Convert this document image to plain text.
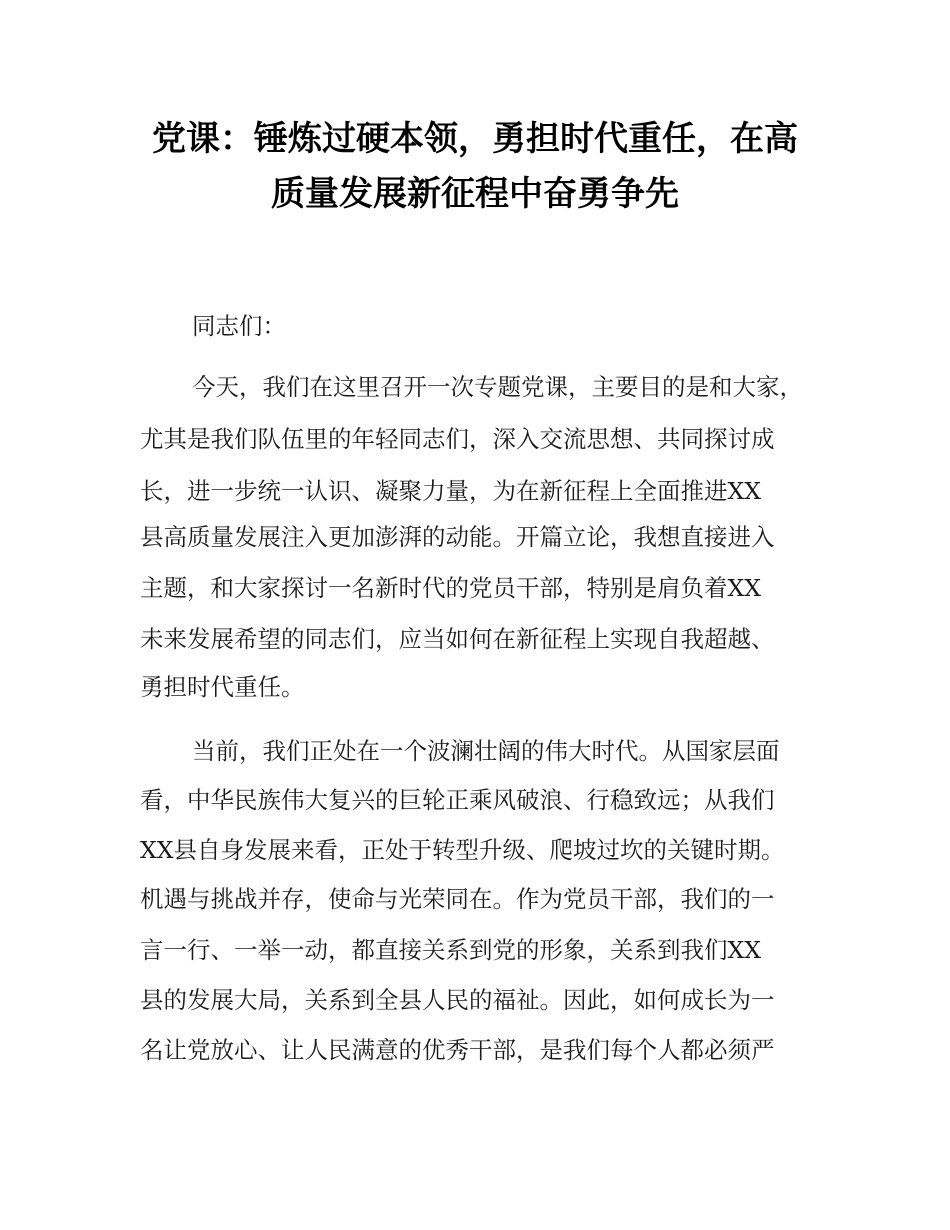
党课：锤炼过硬本领，勇担时代重任，在高
质量发展新征程中奋勇争先
同志们：
今天，我们在这里召开一次专题党课，主要目的是和大家，
尤其是我们队伍里的年轻同志们，深入交流思想、共同探讨成
长，进一步统一认识、凝聚力量，为在新征程上全面推进XX
县高质量发展注入更加澎湃的动能。开篇立论，我想直接进入
主题，和大家探讨一名新时代的党员干部，特别是肩负着XX
未来发展希望的同志们，应当如何在新征程上实现自我超越、
勇担时代重任。
当前，我们正处在一个波澜壮阔的伟大时代。从国家层面
看，中华民族伟大复兴的巨轮正乘风破浪、行稳致远；从我们
XX县自身发展来看，正处于转型升级、爬坡过坎的关键时期。
机遇与挑战并存，使命与光荣同在。作为党员干部，我们的一
言一行、一举一动，都直接关系到党的形象，关系到我们XX
县的发展大局，关系到全县人民的福祉。因此，如何成长为一
名让党放心、让人民满意的优秀干部，是我们每个人都必须严
